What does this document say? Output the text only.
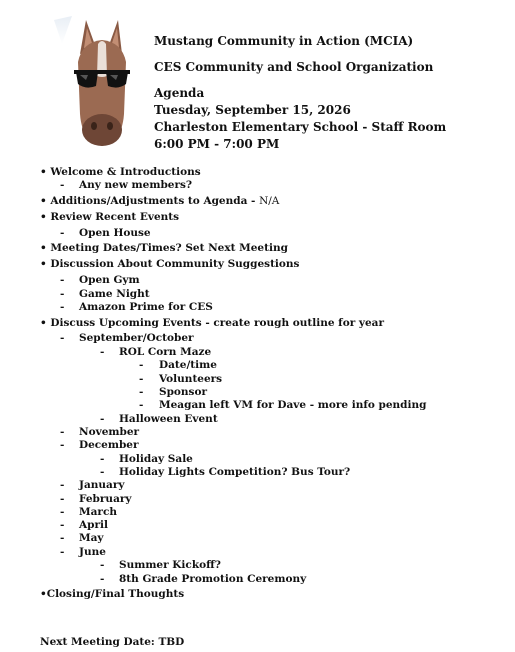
Mustang Community in Action (MCIA)
CES Community and School Organization
Agenda
Tuesday, September 15, 2026
Charleston Elementary School - Staff Room
6:00 PM - 7:00 PM
• Welcome & Introductions
- Any new members?
• Additions/Adjustments to Agenda - N/A
• Review Recent Events
- Open House
• Meeting Dates/Times? Set Next Meeting
• Discussion About Community Suggestions
- Open Gym
- Game Night
- Amazon Prime for CES
• Discuss Upcoming Events - create rough outline for year
- September/October
- ROL Corn Maze
- Date/time
- Volunteers
- Sponsor
- Meagan left VM for Dave - more info pending
- Halloween Event
- November
- December
- Holiday Sale
- Holiday Lights Competition? Bus Tour?
- January
- February
- March
- April
- May
- June
- Summer Kickoff?
- 8th Grade Promotion Ceremony
•Closing/Final Thoughts
Next Meeting Date: TBD
